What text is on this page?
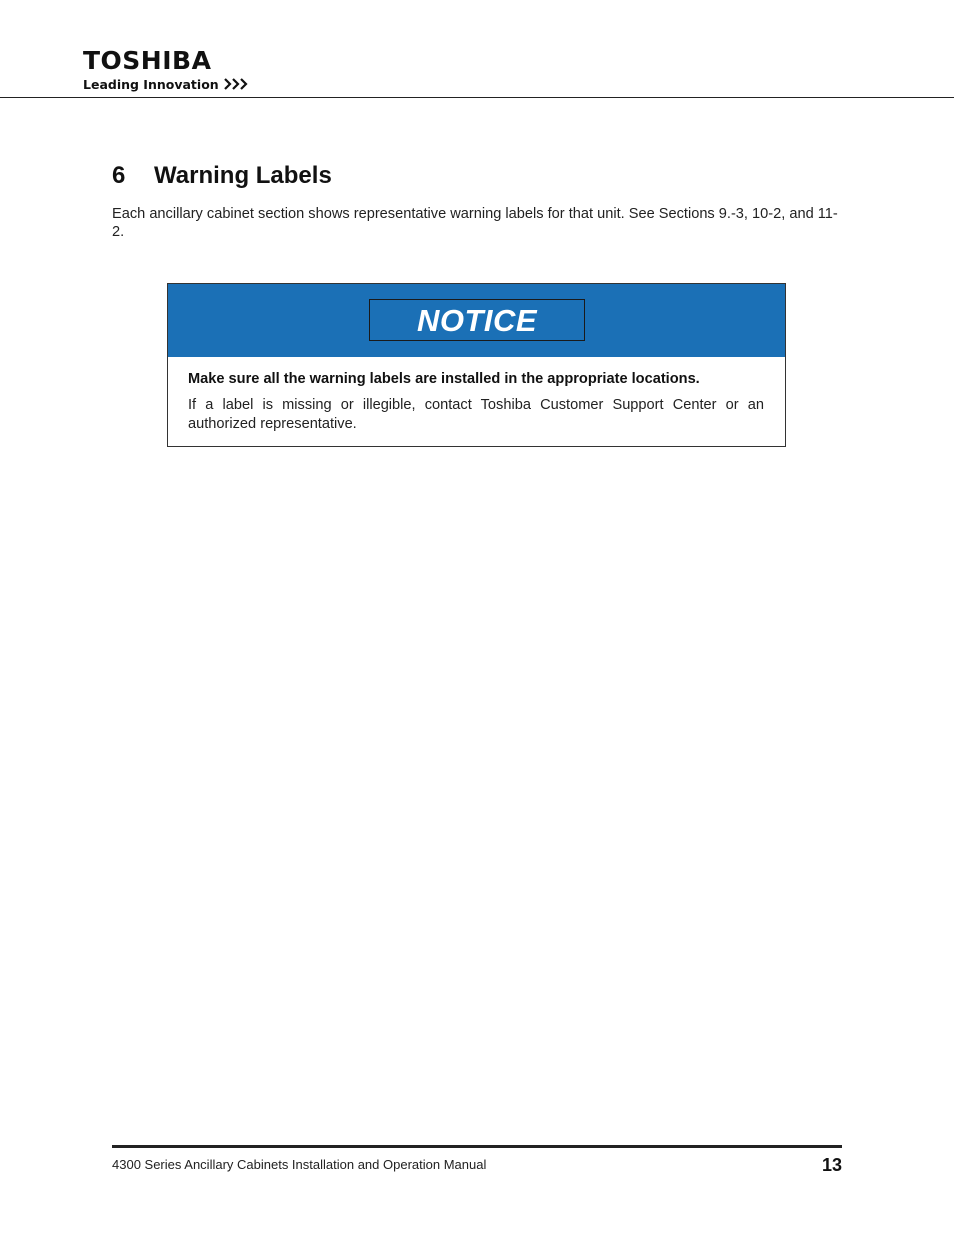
TOSHIBA
Leading Innovation
6 Warning Labels

Each ancillary cabinet section shows representative warning labels for that unit. See Sections 9.-3, 10-2, and 11-2.

NOTICE

Make sure all the warning labels are installed in the appropriate locations.

If a label is missing or illegible, contact Toshiba Customer Support Center or an authorized representative.

4300 Series Ancillary Cabinets Installation and Operation Manual	13
